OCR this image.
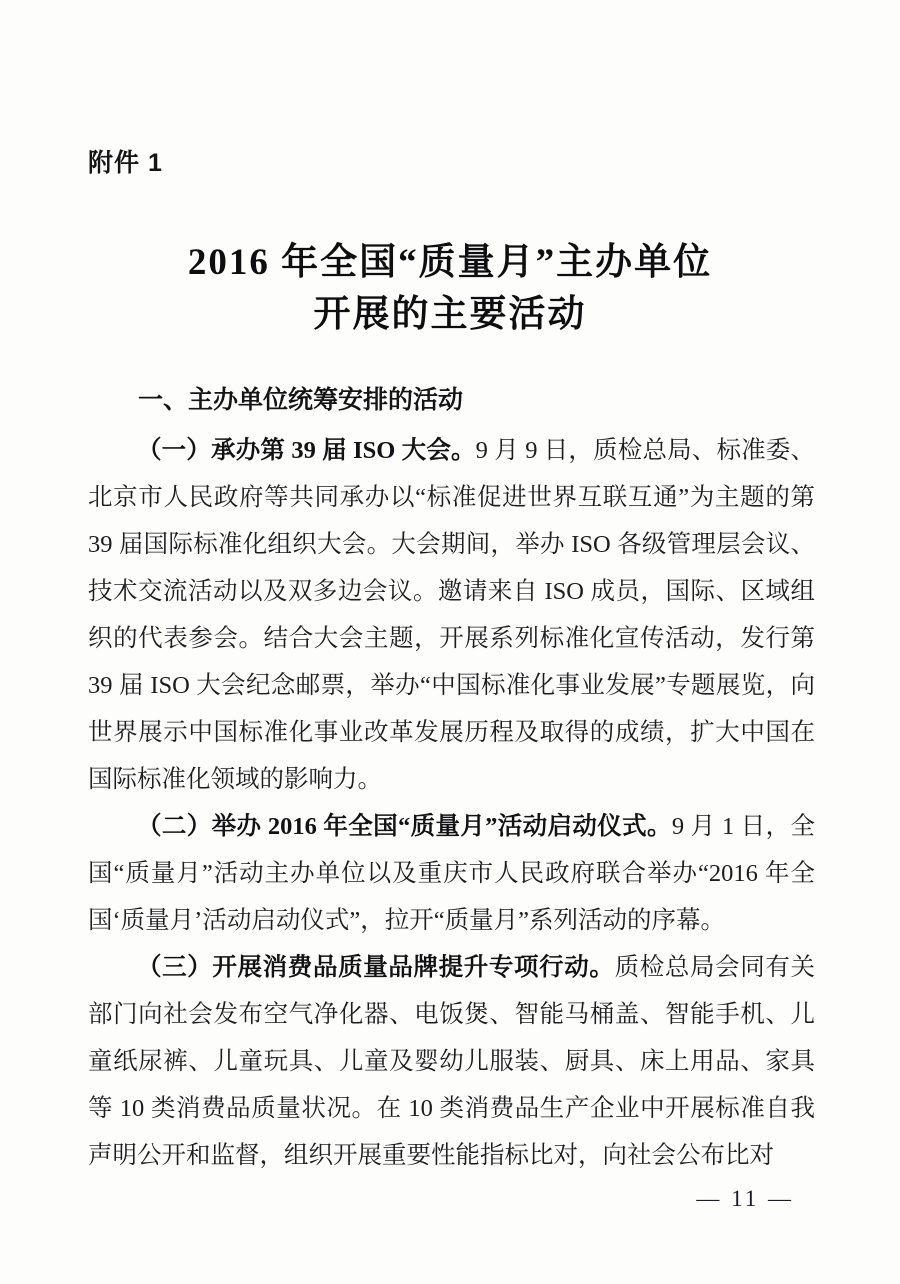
附件 1
2016 年全国“质量月”主办单位
开展的主要活动
一、主办单位统筹安排的活动

（一）承办第 39 届 ISO 大会。9 月 9 日，质检总局、标准委、北京市人民政府等共同承办以“标准促进世界互联互通”为主题的第 39 届国际标准化组织大会。大会期间，举办 ISO 各级管理层会议、技术交流活动以及双多边会议。邀请来自 ISO 成员，国际、区域组织的代表参会。结合大会主题，开展系列标准化宣传活动，发行第 39 届 ISO 大会纪念邮票，举办“中国标准化事业发展”专题展览，向世界展示中国标准化事业改革发展历程及取得的成绩，扩大中国在国际标准化领域的影响力。

（二）举办 2016 年全国“质量月”活动启动仪式。9 月 1 日，全国“质量月”活动主办单位以及重庆市人民政府联合举办“2016 年全国‘质量月’活动启动仪式”，拉开“质量月”系列活动的序幕。

（三）开展消费品质量品牌提升专项行动。质检总局会同有关部门向社会发布空气净化器、电饭煲、智能马桶盖、智能手机、儿童纸尿裤、儿童玩具、儿童及婴幼儿服装、厨具、床上用品、家具等 10 类消费品质量状况。在 10 类消费品生产企业中开展标准自我声明公开和监督，组织开展重要性能指标比对，向社会公布比对

— 11 —
